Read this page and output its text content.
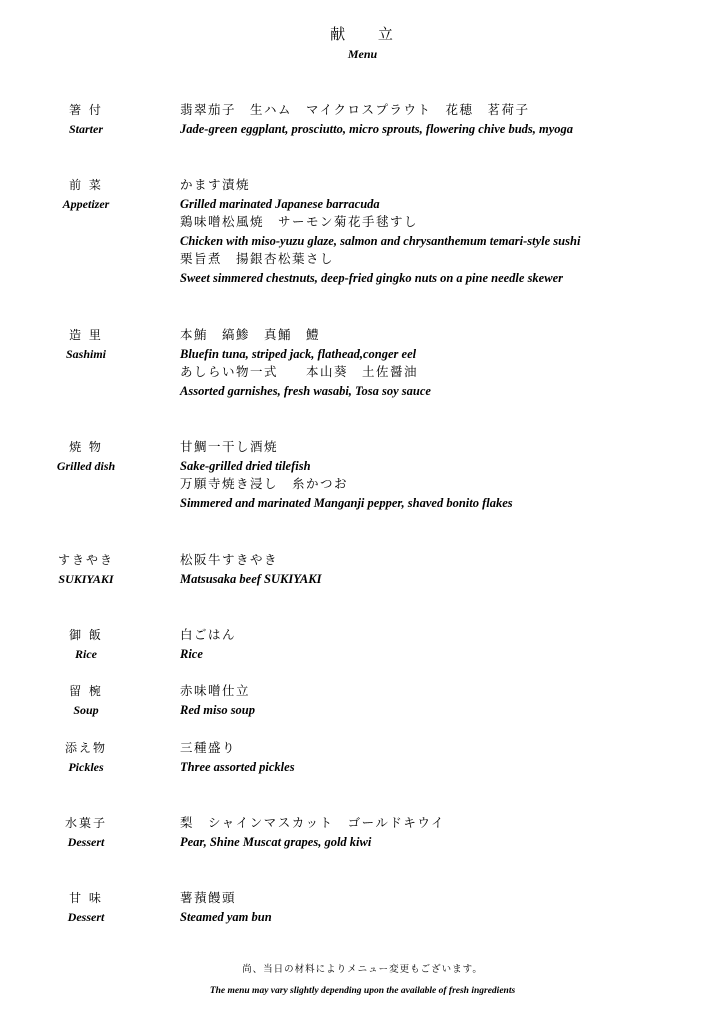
献 立
Menu
箸 付
Starter
翡翠茄子　生ハム　マイクロスプラウト　花穂　茗荷子
Jade-green eggplant, prosciutto, micro sprouts, flowering chive buds, myoga
前 菜
Appetizer
かます漬焼
Grilled marinated Japanese barracuda
鶏味噌松風焼　サーモン菊花手毬すし
Chicken with miso-yuzu glaze, salmon and chrysanthemum temari-style sushi
栗旨煮　揚銀杏松葉さし
Sweet simmered chestnuts, deep-fried gingko nuts on a pine needle skewer
造 里
Sashimi
本鮪　縞鯵　真鯒　鱧
Bluefin tuna, striped jack, flathead,conger eel
あしらい物一式　　本山葵　土佐醤油
Assorted garnishes, fresh wasabi, Tosa soy sauce
焼 物
Grilled dish
甘鯛一干し酒焼
Sake-grilled dried tilefish
万願寺焼き浸し　糸かつお
Simmered and marinated Manganji pepper, shaved bonito flakes
すきやき
SUKIYAKI
松阪牛すきやき
Matsusaka beef SUKIYAKI
御 飯
Rice
白ごはん
Rice
留 椀
Soup
赤味噌仕立
Red miso soup
添え物
Pickles
三種盛り
Three assorted pickles
水菓子
Dessert
梨　シャインマスカット　ゴールドキウイ
Pear, Shine Muscat grapes, gold kiwi
甘 味
Dessert
薯蕷饅頭
Steamed yam bun
尚、当日の材料によりメニュー変更もございます。
The menu may vary slightly depending upon the available of fresh ingredients
